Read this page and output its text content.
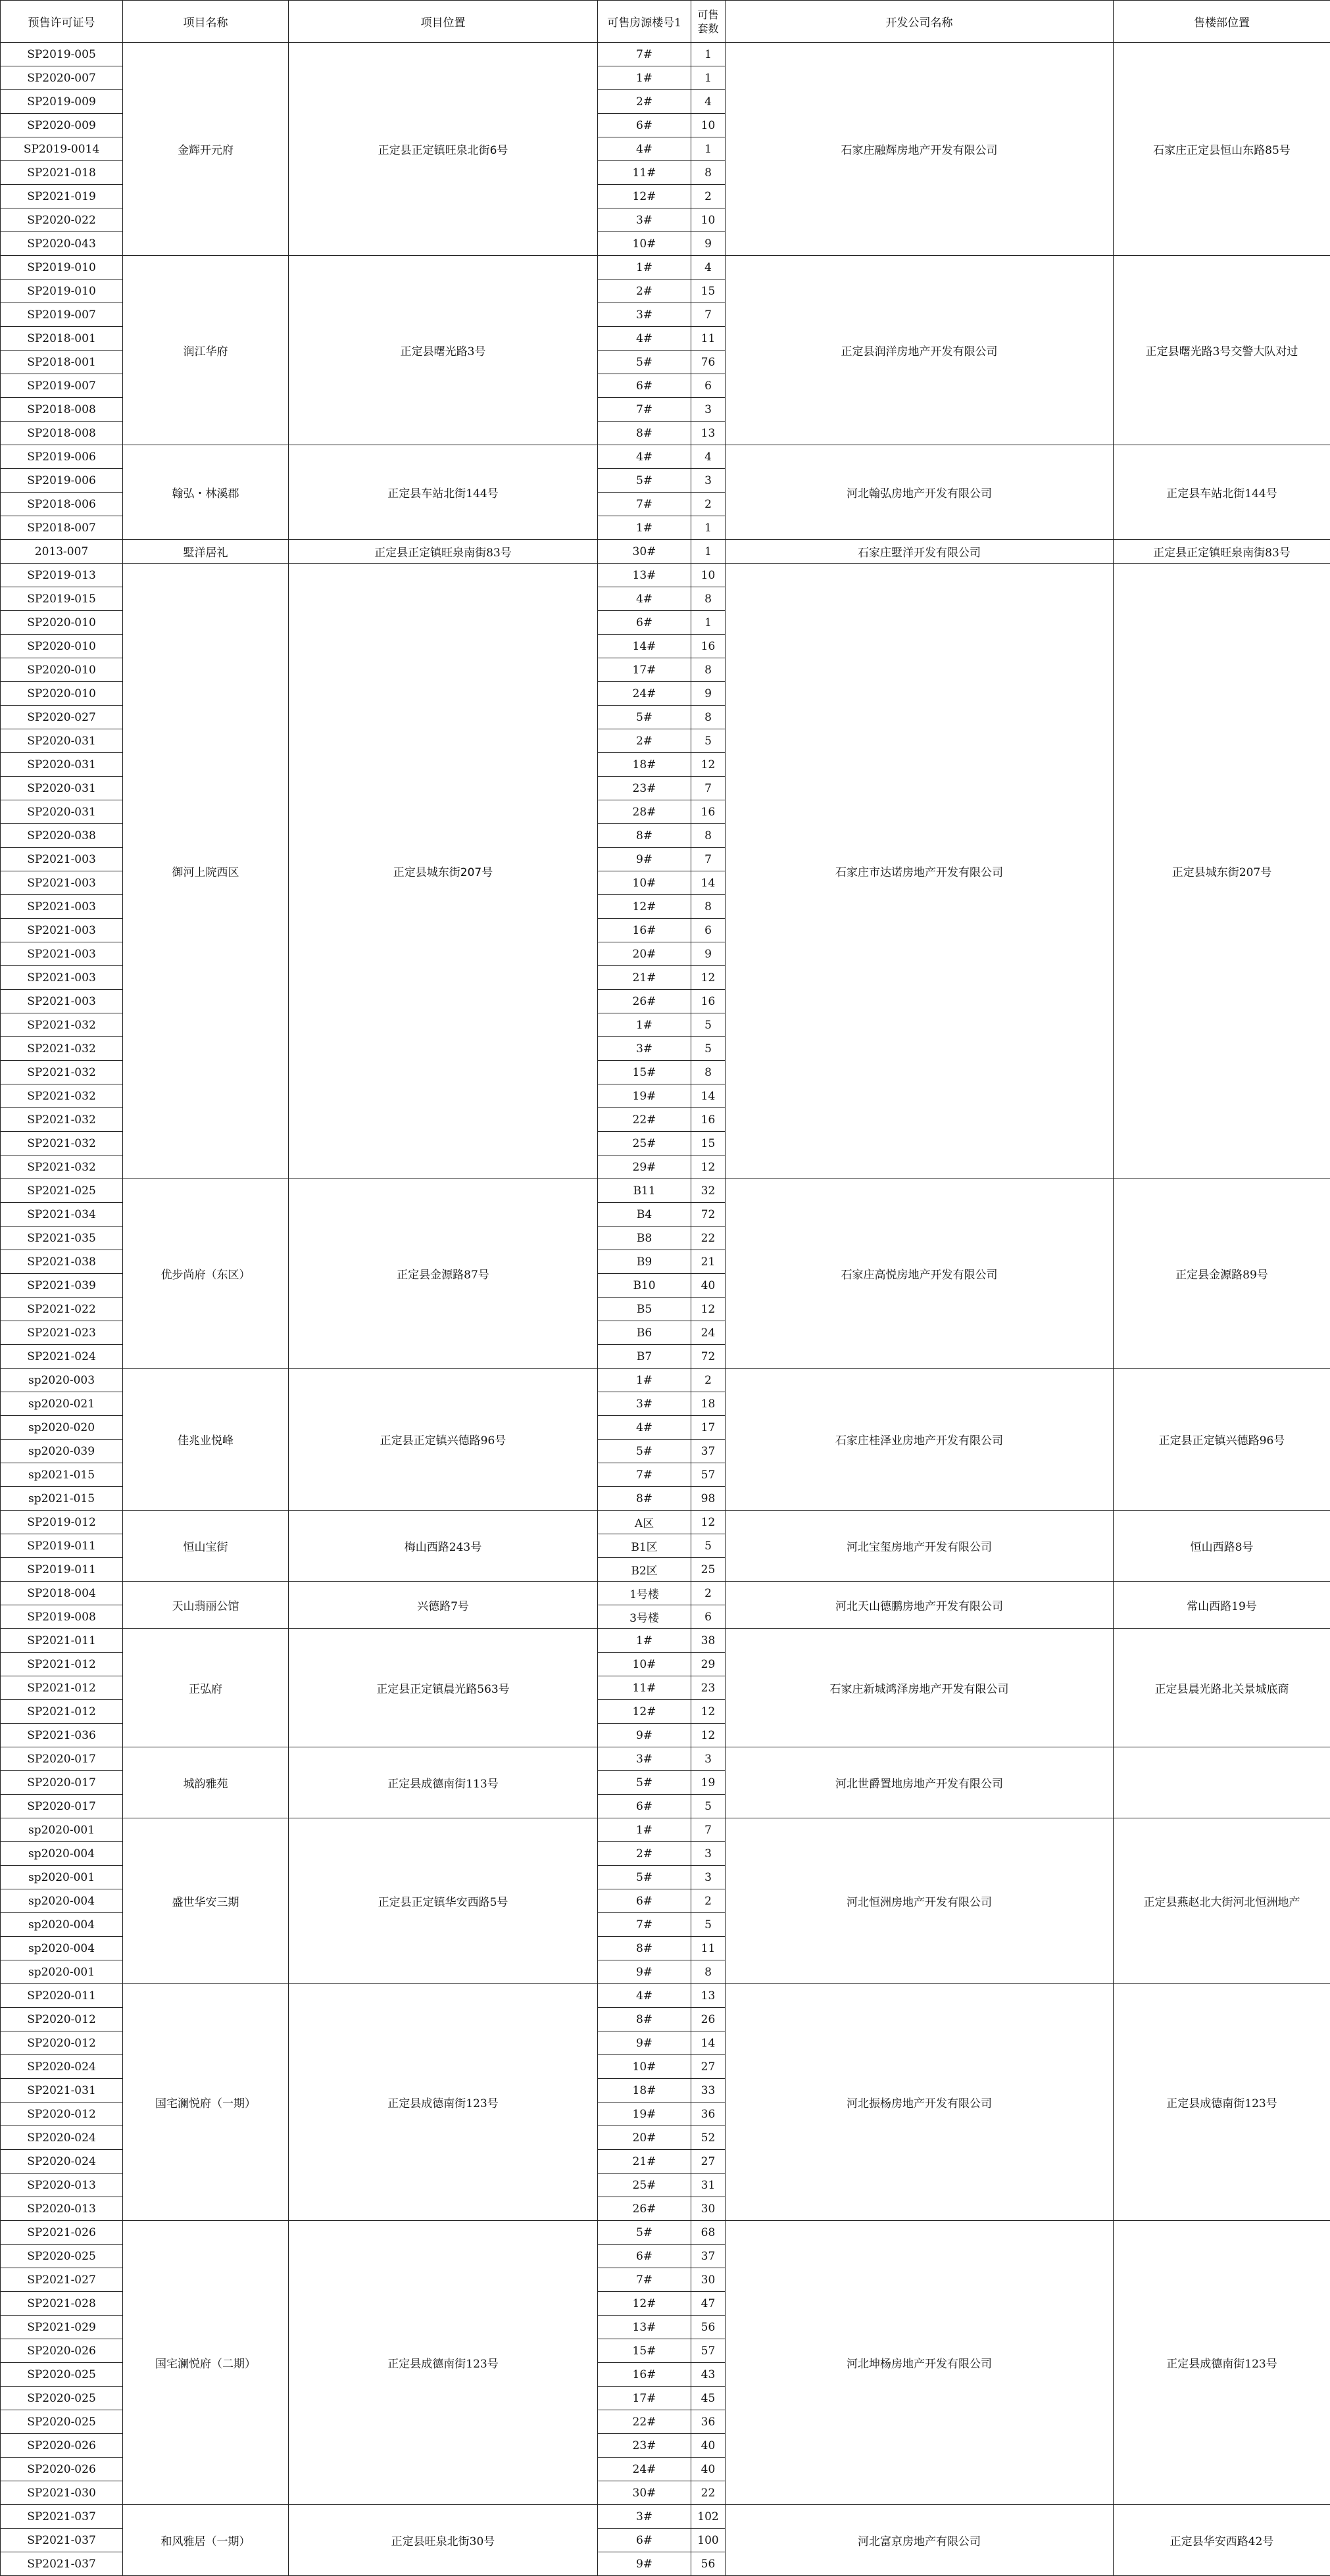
预售许可证号	项目名称	项目位置	可售房源楼号1	可售套数	开发公司名称	售楼部位置
SP2019-005	金辉开元府	正定县正定镇旺泉北街6号	7#	1	石家庄融辉房地产开发有限公司	石家庄正定县恒山东路85号
SP2020-007			1#	1		
SP2019-009			2#	4		
SP2020-009			6#	10		
SP2019-0014			4#	1		
SP2021-018			11#	8		
SP2021-019			12#	2		
SP2020-022			3#	10		
SP2020-043			10#	9		
SP2019-010	润江华府	正定县曙光路3号	1#	4	正定县润洋房地产开发有限公司	正定县曙光路3号交警大队对过
SP2019-010			2#	15		
SP2019-007			3#	7		
SP2018-001			4#	11		
SP2018-001			5#	76		
SP2019-007			6#	6		
SP2018-008			7#	3		
SP2018-008			8#	13		
SP2019-006	翰弘・林溪郡	正定县车站北街144号	4#	4	河北翰弘房地产开发有限公司	正定县车站北街144号
SP2019-006			5#	3		
SP2018-006			7#	2		
SP2018-007			1#	1		
2013-007	墅洋居礼	正定县正定镇旺泉南街83号	30#	1	石家庄墅洋开发有限公司	正定县正定镇旺泉南街83号
SP2019-013	御河上院西区	正定县城东街207号	13#	10	石家庄市达诺房地产开发有限公司	正定县城东街207号
SP2019-015			4#	8		
SP2020-010			6#	1		
SP2020-010			14#	16		
SP2020-010			17#	8		
SP2020-010			24#	9		
SP2020-027			5#	8		
SP2020-031			2#	5		
SP2020-031			18#	12		
SP2020-031			23#	7		
SP2020-031			28#	16		
SP2020-038			8#	8		
SP2021-003			9#	7		
SP2021-003			10#	14		
SP2021-003			12#	8		
SP2021-003			16#	6		
SP2021-003			20#	9		
SP2021-003			21#	12		
SP2021-003			26#	16		
SP2021-032			1#	5		
SP2021-032			3#	5		
SP2021-032			15#	8		
SP2021-032			19#	14		
SP2021-032			22#	16		
SP2021-032			25#	15		
SP2021-032			29#	12		
SP2021-025	优步尚府（东区）	正定县金源路87号	B11	32	石家庄高悦房地产开发有限公司	正定县金源路89号
SP2021-034			B4	72		
SP2021-035			B8	22		
SP2021-038			B9	21		
SP2021-039			B10	40		
SP2021-022			B5	12		
SP2021-023			B6	24		
SP2021-024			B7	72		
sp2020-003	佳兆业悦峰	正定县正定镇兴德路96号	1#	2	石家庄桂泽业房地产开发有限公司	正定县正定镇兴德路96号
sp2020-021			3#	18		
sp2020-020			4#	17		
sp2020-039			5#	37		
sp2021-015			7#	57		
sp2021-015			8#	98		
SP2019-012	恒山宝街	梅山西路243号	A区	12	河北宝玺房地产开发有限公司	恒山西路8号
SP2019-011			B1区	5		
SP2019-011			B2区	25		
SP2018-004	天山翡丽公馆	兴德路7号	1号楼	2	河北天山德鹏房地产开发有限公司	常山西路19号
SP2019-008			3号楼	6		
SP2021-011	正弘府	正定县正定镇晨光路563号	1#	38	石家庄新城鸿泽房地产开发有限公司	正定县晨光路北关景城底商
SP2021-012			10#	29		
SP2021-012			11#	23		
SP2021-012			12#	12		
SP2021-036			9#	12		
SP2020-017	城韵雅苑	正定县成德南街113号	3#	3	河北世爵置地房地产开发有限公司	
SP2020-017			5#	19		
SP2020-017			6#	5		
sp2020-001	盛世华安三期	正定县正定镇华安西路5号	1#	7	河北恒洲房地产开发有限公司	正定县燕赵北大街河北恒洲地产
sp2020-004			2#	3		
sp2020-001			5#	3		
sp2020-004			6#	2		
sp2020-004			7#	5		
sp2020-004			8#	11		
sp2020-001			9#	8		
SP2020-011	国宅澜悦府（一期）	正定县成德南街123号	4#	13	河北振杨房地产开发有限公司	正定县成德南街123号
SP2020-012			8#	26		
SP2020-012			9#	14		
SP2020-024			10#	27		
SP2021-031			18#	33		
SP2020-012			19#	36		
SP2020-024			20#	52		
SP2020-024			21#	27		
SP2020-013			25#	31		
SP2020-013			26#	30		
SP2021-026	国宅澜悦府（二期）	正定县成德南街123号	5#	68	河北坤杨房地产开发有限公司	正定县成德南街123号
SP2020-025			6#	37		
SP2021-027			7#	30		
SP2021-028			12#	47		
SP2021-029			13#	56		
SP2020-026			15#	57		
SP2020-025			16#	43		
SP2020-025			17#	45		
SP2020-025			22#	36		
SP2020-026			23#	40		
SP2020-026			24#	40		
SP2021-030			30#	22		
SP2021-037	和风雅居（一期）	正定县旺泉北街30号	3#	102	河北富京房地产有限公司	正定县华安西路42号
SP2021-037			6#	100		
SP2021-037			9#	56		
